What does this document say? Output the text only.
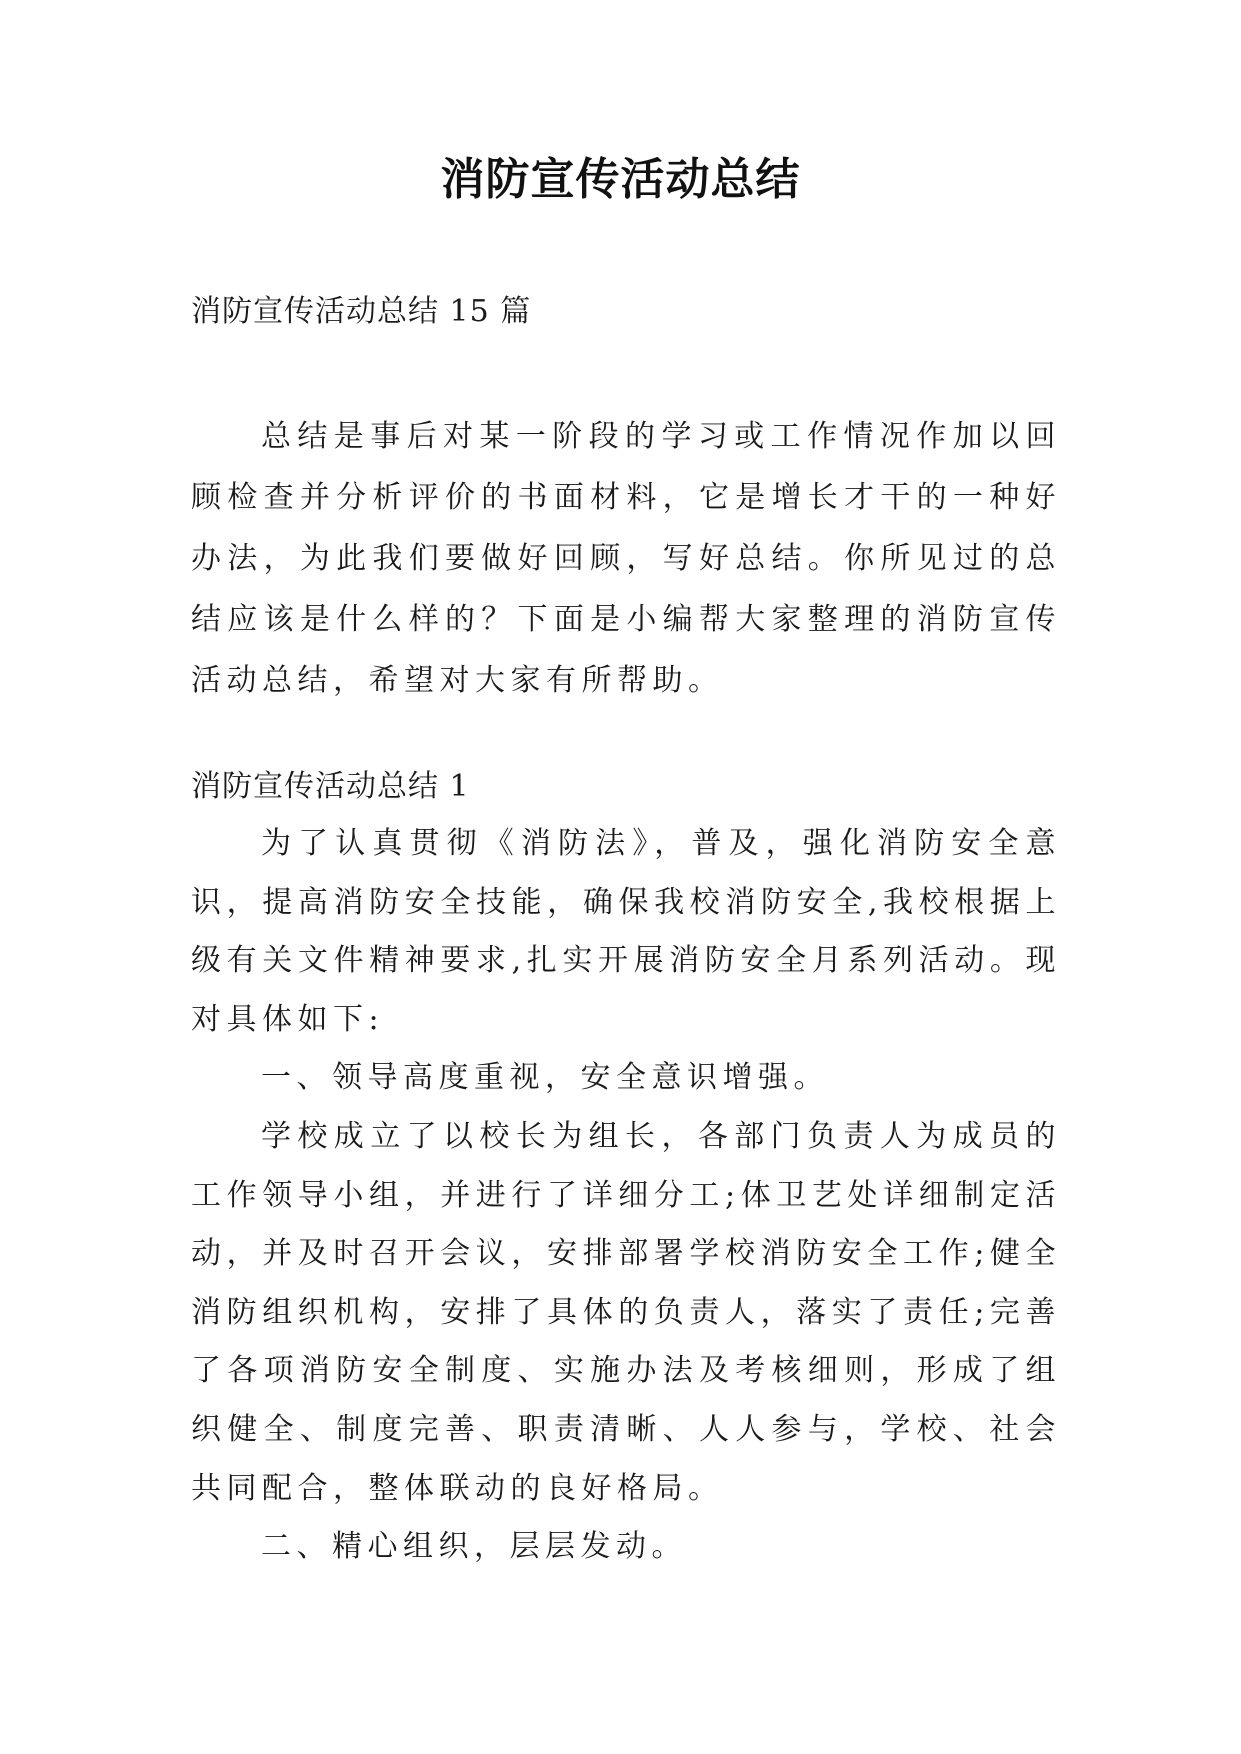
消防宣传活动总结
消防宣传活动总结 15 篇
总结是事后对某一阶段的学习或工作情况作加以回顾检查并分析评价的书面材料，它是增长才干的一种好办法，为此我们要做好回顾，写好总结。你所见过的总结应该是什么样的？下面是小编帮大家整理的消防宣传活动总结，希望对大家有所帮助。
消防宣传活动总结 1

为了认真贯彻《消防法》，普及，强化消防安全意识，提高消防安全技能，确保我校消防安全,我校根据上级有关文件精神要求,扎实开展消防安全月系列活动。现对具体如下:

一、领导高度重视，安全意识增强。

学校成立了以校长为组长，各部门负责人为成员的工作领导小组，并进行了详细分工;体卫艺处详细制定活动，并及时召开会议，安排部署学校消防安全工作;健全消防组织机构，安排了具体的负责人，落实了责任;完善了各项消防安全制度、实施办法及考核细则，形成了组织健全、制度完善、职责清晰、人人参与，学校、社会共同配合，整体联动的良好格局。

二、精心组织，层层发动。
